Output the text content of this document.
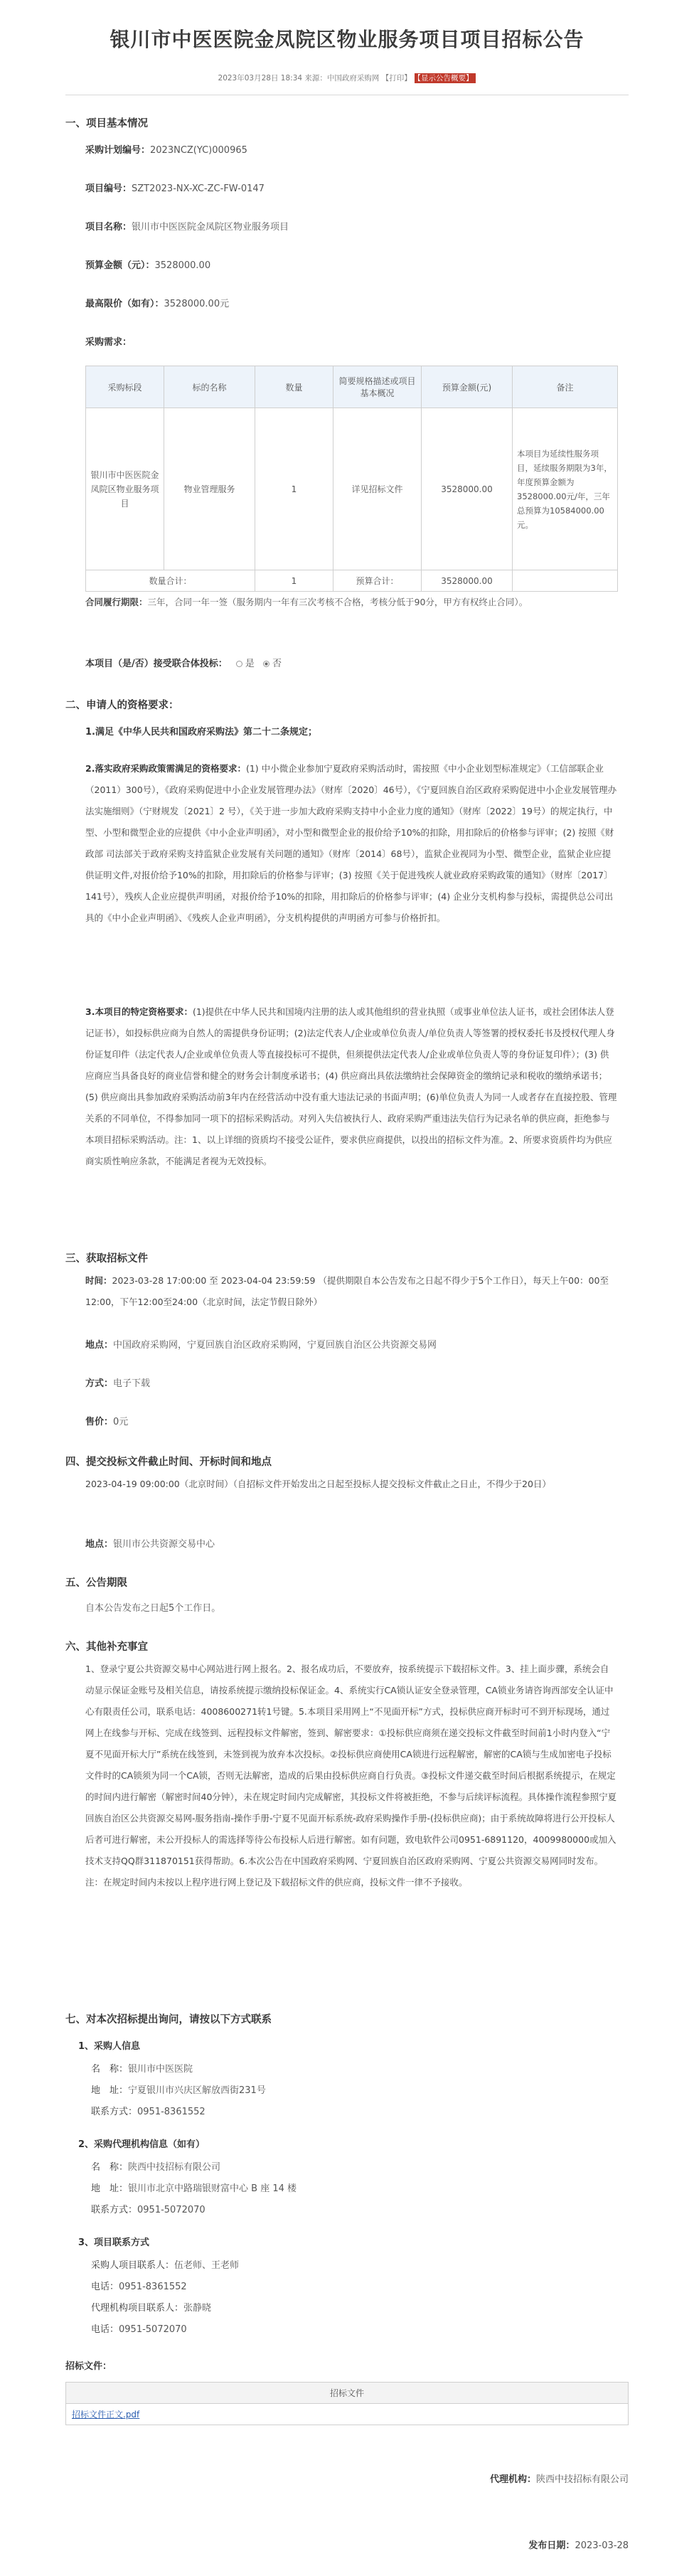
银川市中医医院金凤院区物业服务项目项目招标公告
2023年03月28日 18:34 来源：中国政府采购网 【打印】 【显示公告概要】
一、项目基本情况
采购计划编号：2023NCZ(YC)000965
项目编号：SZT2023-NX-XC-ZC-FW-0147
项目名称：银川市中医医院金凤院区物业服务项目
预算金额（元）：3528000.00
最高限价（如有）：3528000.00元
采购需求：
采购标段	标的名称	数量	简要规格描述或项目基本概况	预算金额(元)	备注
银川市中医医院金凤院区物业服务项目	物业管理服务	1	详见招标文件	3528000.00	本项目为延续性服务项目，延续服务期限为3年，年度预算金额为3528000.00元/年，三年总预算为10584000.00元。
数量合计：		1	预算合计：	3528000.00	
合同履行期限：三年，合同一年一签（服务期内一年有三次考核不合格，考核分低于90分，甲方有权终止合同）。
本项目（是/否）接受联合体投标： 是 否
二、申请人的资格要求：
1.满足《中华人民共和国政府采购法》第二十二条规定；
2.落实政府采购政策需满足的资格要求：(1) 中小微企业参加宁夏政府采购活动时，需按照《中小企业划型标准规定》（工信部联企业（2011）300号），《政府采购促进中小企业发展管理办法》（财库〔2020〕46号），《宁夏回族自治区政府采购促进中小企业发展管理办法实施细则》（宁财规发〔2021〕2 号），《关于进一步加大政府采购支持中小企业力度的通知》（财库〔2022〕19号）的规定执行，中型、小型和微型企业的应提供《中小企业声明函》，对小型和微型企业的报价给予10%的扣除，用扣除后的价格参与评审；(2) 按照《财政部 司法部关于政府采购支持监狱企业发展有关问题的通知》（财库〔2014〕68号），监狱企业视同为小型、微型企业，监狱企业应提供证明文件,对报价给予10%的扣除，用扣除后的价格参与评审；(3) 按照《关于促进残疾人就业政府采购政策的通知》（财库〔2017〕141号），残疾人企业应提供声明函，对报价给予10%的扣除，用扣除后的价格参与评审；(4) 企业分支机构参与投标，需提供总公司出具的《中小企业声明函》、《残疾人企业声明函》，分支机构提供的声明函方可参与价格折扣。
3.本项目的特定资格要求：(1)提供在中华人民共和国境内注册的法人或其他组织的营业执照（或事业单位法人证书，或社会团体法人登记证书），如投标供应商为自然人的需提供身份证明；(2)法定代表人/企业或单位负责人/单位负责人等签署的授权委托书及授权代理人身份证复印件（法定代表人/企业或单位负责人等直接投标可不提供，但须提供法定代表人/企业或单位负责人等的身份证复印件）；(3) 供应商应当具备良好的商业信誉和健全的财务会计制度承诺书；(4) 供应商出具依法缴纳社会保障资金的缴纳记录和税收的缴纳承诺书；(5) 供应商出具参加政府采购活动前3年内在经营活动中没有重大违法记录的书面声明；(6)单位负责人为同一人或者存在直接控股、管理关系的不同单位，不得参加同一项下的招标采购活动。对列入失信被执行人、政府采购严重违法失信行为记录名单的供应商，拒绝参与本项目招标采购活动。注：1、以上详细的资质均不接受公证件，要求供应商提供，以投出的招标文件为准。2、所要求资质件均为供应商实质性响应条款，不能满足者视为无效投标。
三、获取招标文件
时间：2023-03-28 17:00:00 至 2023-04-04 23:59:59 （提供期限自本公告发布之日起不得少于5个工作日），每天上午00：00至12:00，下午12:00至24:00（北京时间，法定节假日除外）
地点：中国政府采购网，宁夏回族自治区政府采购网，宁夏回族自治区公共资源交易网
方式：电子下载
售价：0元
四、提交投标文件截止时间、开标时间和地点
2023-04-19 09:00:00（北京时间）（自招标文件开始发出之日起至投标人提交投标文件截止之日止，不得少于20日）
地点：银川市公共资源交易中心
五、公告期限
自本公告发布之日起5个工作日。
六、其他补充事宜
1、登录宁夏公共资源交易中心网站进行网上报名。2、报名成功后，不要放弃，按系统提示下载招标文件。3、挂上面步骤，系统会自动显示保证金账号及相关信息，请按系统提示缴纳投标保证金。4、系统实行CA锁认证安全登录管理，CA锁业务请咨询西部安全认证中心有限责任公司，联系电话：4008600271转1号键。5.本项目采用网上“不见面开标”方式，投标供应商开标时可不到开标现场，通过网上在线参与开标、完成在线签到、远程投标文件解密，签到、解密要求：①投标供应商须在递交投标文件截至时间前1小时内登入“宁夏不见面开标大厅”系统在线签到，未签到视为放弃本次投标。②投标供应商使用CA锁进行远程解密，解密的CA锁与生成加密电子投标文件时的CA锁须为同一个CA锁，否则无法解密，造成的后果由投标供应商自行负责。③投标文件递交截至时间后根据系统提示，在规定的时间内进行解密（解密时间40分钟），未在规定时间内完成解密，其投标文件将被拒绝，不参与后续评标流程。具体操作流程参照宁夏回族自治区公共资源交易网-服务指南-操作手册-宁夏不见面开标系统-政府采购操作手册-(投标供应商)；由于系统故障将进行公开投标人后者可进行解密，未公开投标人的需选择等待公布投标人后进行解密。如有问题，致电软件公司0951-6891120，4009980000或加入技术支持QQ群311870151获得帮助。6.本次公告在中国政府采购网、宁夏回族自治区政府采购网、宁夏公共资源交易网同时发布。注：在规定时间内未按以上程序进行网上登记及下载招标文件的供应商，投标文件一律不予接收。
七、对本次招标提出询问，请按以下方式联系
1、采购人信息
名　称：银川市中医医院
地　址：宁夏银川市兴庆区解放西街231号
联系方式：0951-8361552
2、采购代理机构信息（如有）
名　称：陕西中技招标有限公司
地　址：银川市北京中路瑞银财富中心 B 座 14 楼
联系方式：0951-5072070
3、项目联系方式
采购人项目联系人：伍老师、王老师
电话：0951-8361552
代理机构项目联系人：张静晓
电话：0951-5072070
招标文件：
招标文件
招标文件正文.pdf
代理机构：陕西中技招标有限公司
发布日期：2023-03-28
